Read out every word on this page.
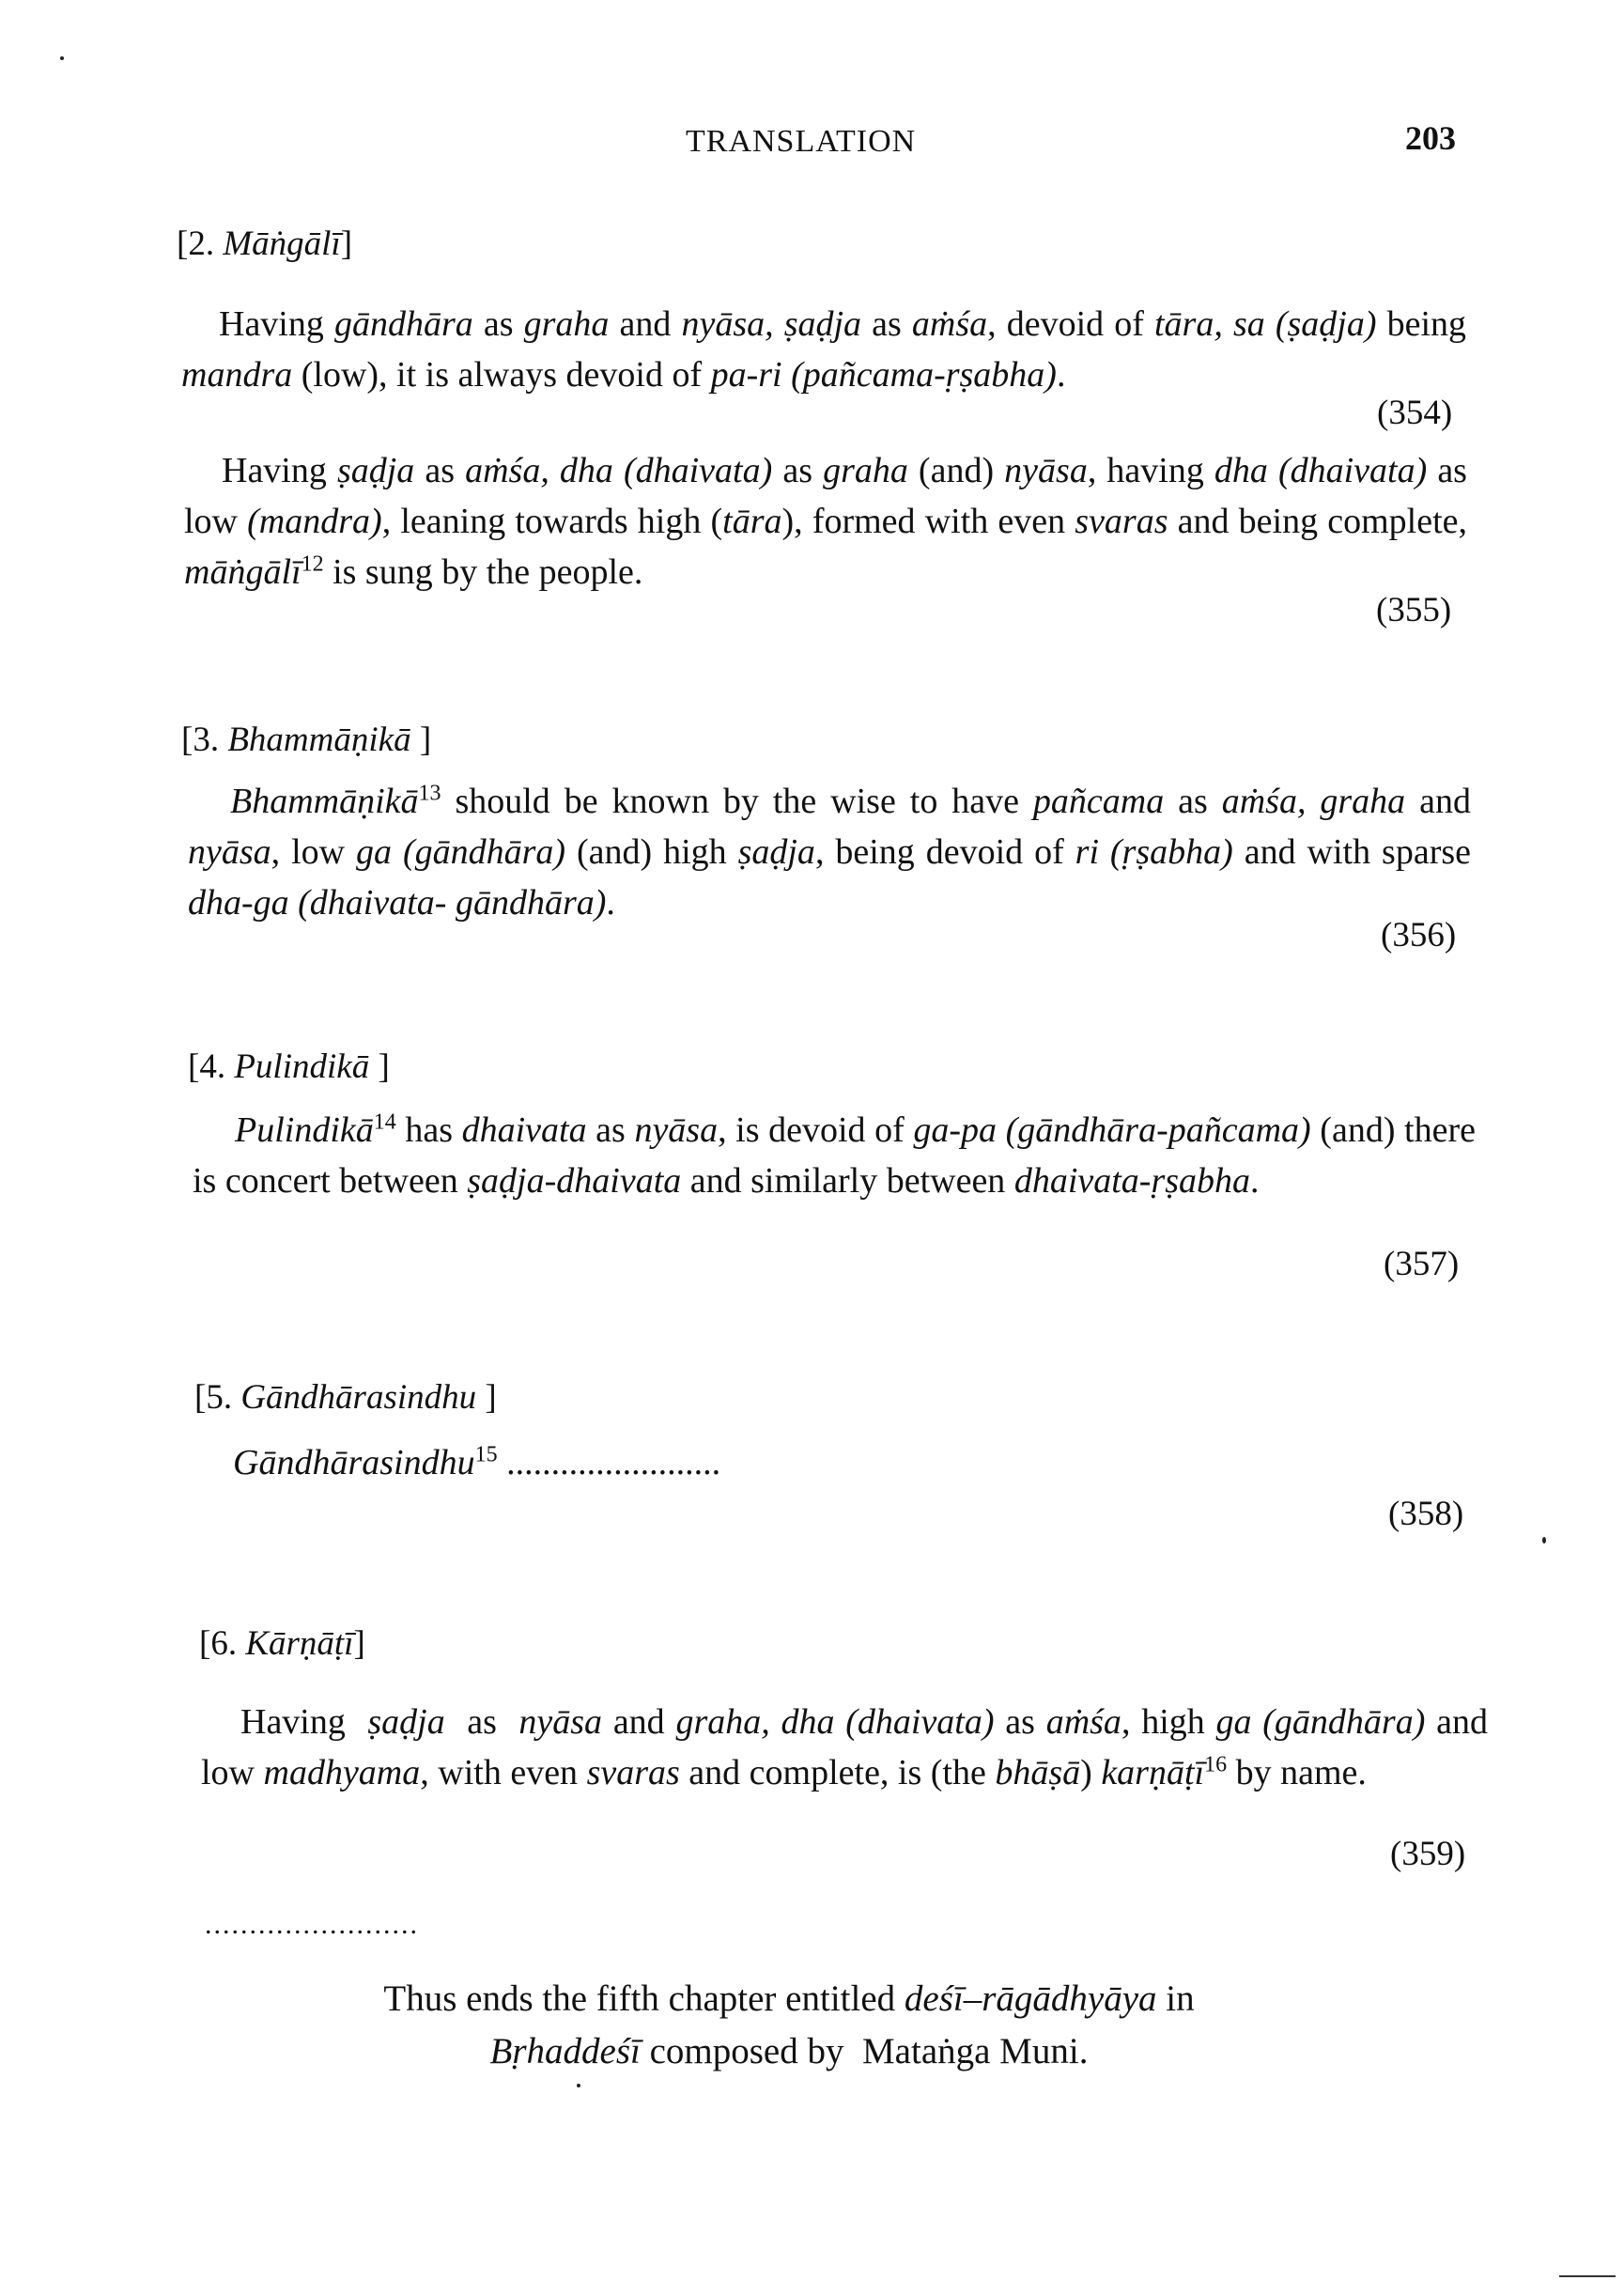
TRANSLATION	203
[2. Māṅgālī]
Having gāndhāra as graha and nyāsa, ṣaḍja as aṁśa, devoid of tāra, sa (ṣaḍja) being mandra (low), it is always devoid of pa-ri (pañcama-ṛṣabha).
(354)
Having ṣaḍja as aṁśa, dha (dhaivata) as graha (and) nyāsa, having dha (dhaivata) as low (mandra), leaning towards high (tāra), formed with even svaras and being complete, māṅgālī$^{12}$ is sung by the people.
(355)
[3. Bhammāṇikā ]
Bhammāṇikā$^{13}$ should be known by the wise to have pañcama as aṁśa, graha and nyāsa, low ga (gāndhāra) (and) high ṣaḍja, being devoid of ri (ṛṣabha) and with sparse dha-ga (dhaivata- gāndhāra).
(356)
[4. Pulindikā ]
Pulindikā$^{14}$ has dhaivata as nyāsa, is devoid of ga-pa (gāndhāra-pañcama) (and) there is concert between ṣaḍja-dhaivata and similarly between dhaivata-ṛṣabha.
(357)
[5. Gāndhārasindhu ]
Gāndhārasindhu$^{15}$ ........................
(358)
[6. Kārṇāṭī]
Having  ṣaḍja  as  nyāsa and graha, dha (dhaivata) as aṁśa, high ga (gāndhāra) and low madhyama, with even svaras and complete, is (the bhāṣā) karṇāṭī$^{16}$ by name.
(359)
........................
Thus ends the fifth chapter entitled deśī–rāgādhyāya in
Bṛhaddeśī composed by  Mataṅga Muni.
